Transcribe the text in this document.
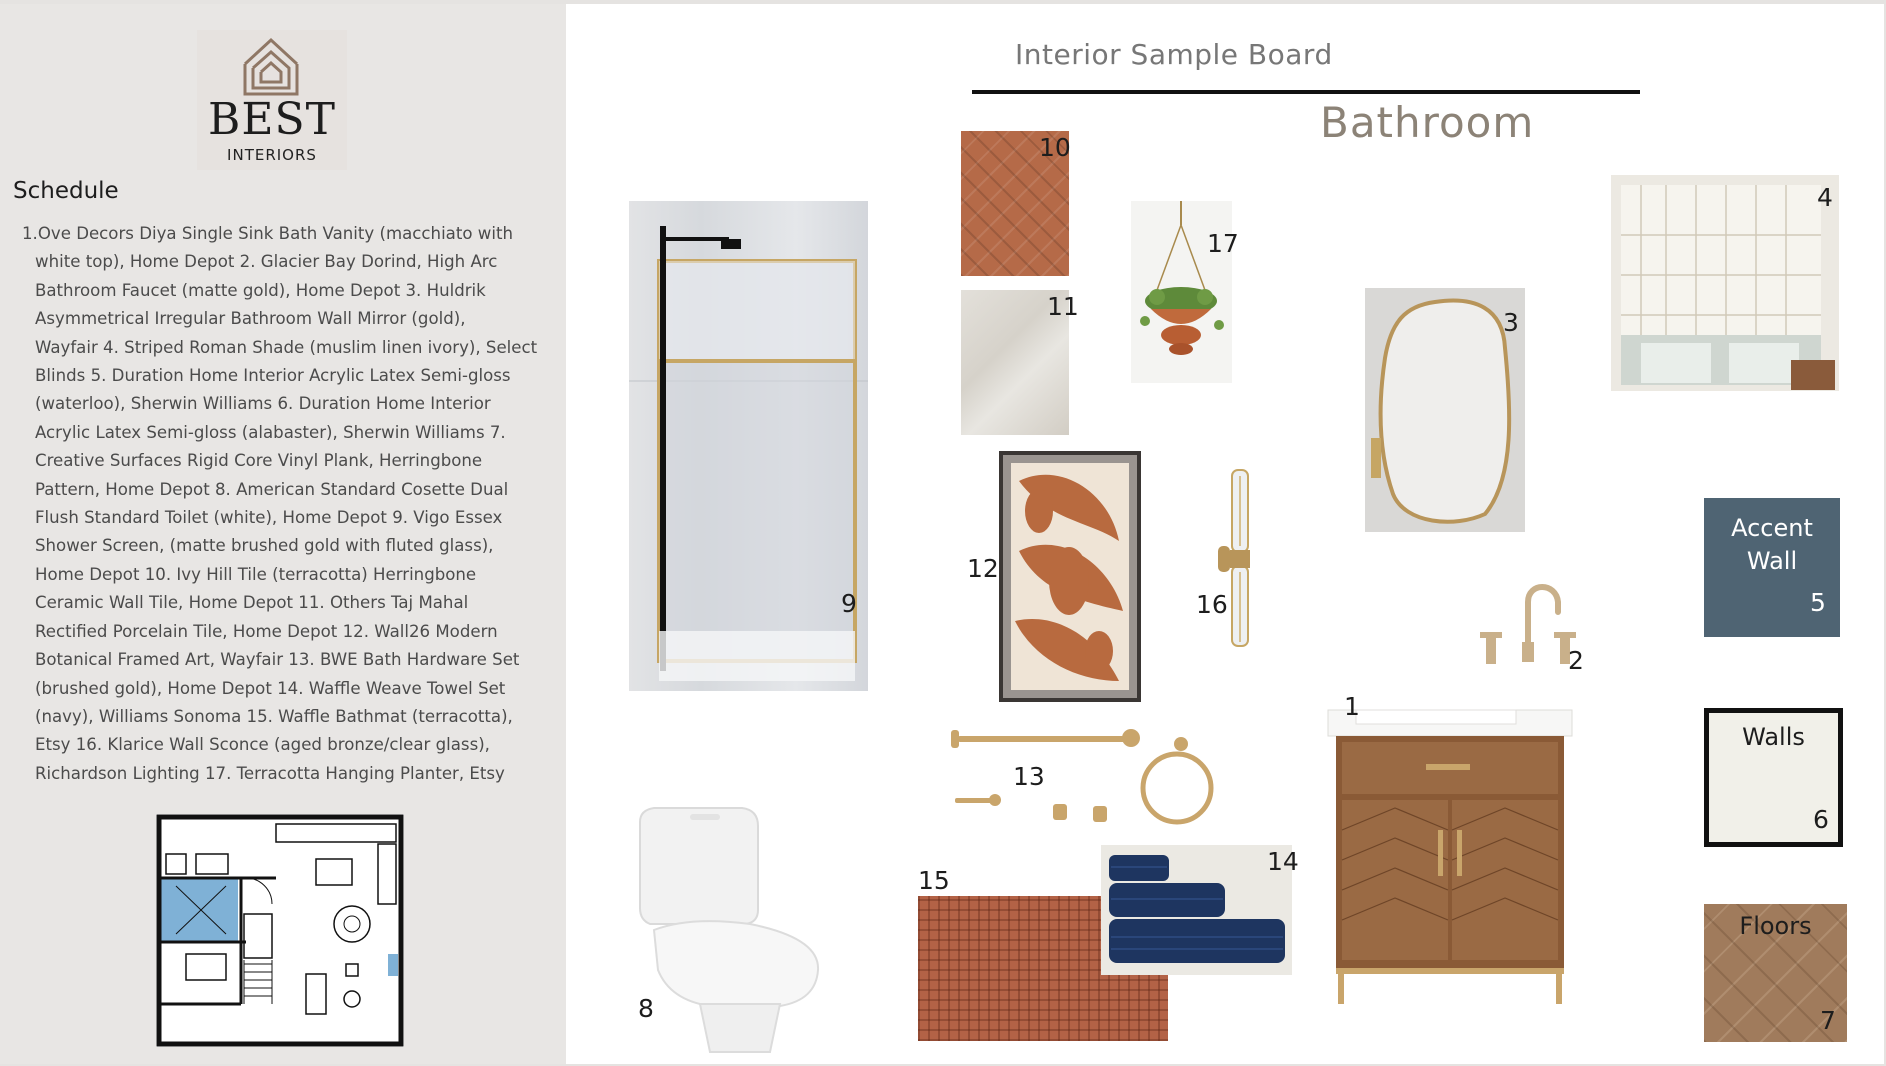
BEST
INTERIORS
Schedule
1.Ove Decors Diya Single Sink Bath Vanity (macchiato with
white top), Home Depot 2. Glacier Bay Dorind, High Arc
Bathroom Faucet (matte gold), Home Depot 3. Huldrik
Asymmetrical Irregular Bathroom Wall Mirror (gold),
Wayfair 4. Striped Roman Shade (muslim linen ivory), Select
Blinds 5. Duration Home Interior Acrylic Latex Semi-gloss
(waterloo), Sherwin Williams 6. Duration Home Interior
Acrylic Latex Semi-gloss (alabaster), Sherwin Williams 7.
Creative Surfaces Rigid Core Vinyl Plank, Herringbone
Pattern, Home Depot 8. American Standard Cosette Dual
Flush Standard Toilet (white), Home Depot 9. Vigo Essex
Shower Screen, (matte brushed gold with fluted glass),
Home Depot 10. Ivy Hill Tile (terracotta) Herringbone
Ceramic Wall Tile, Home Depot 11. Others Taj Mahal
Rectified Porcelain Tile, Home Depot 12. Wall26 Modern
Botanical Framed Art, Wayfair 13. BWE Bath Hardware Set
(brushed gold), Home Depot 14. Waffle Weave Towel Set
(navy), Williams Sonoma 15. Waffle Bathmat (terracotta),
Etsy 16. Klarice Wall Sconce (aged bronze/clear glass),
Richardson Lighting 17. Terracotta Hanging Planter, Etsy
Interior Sample Board
Bathroom
10
11
9
17
3
4
12
16
Accent
Wall
5
2
1
Walls
6
Floors
7
13
8
15
14
